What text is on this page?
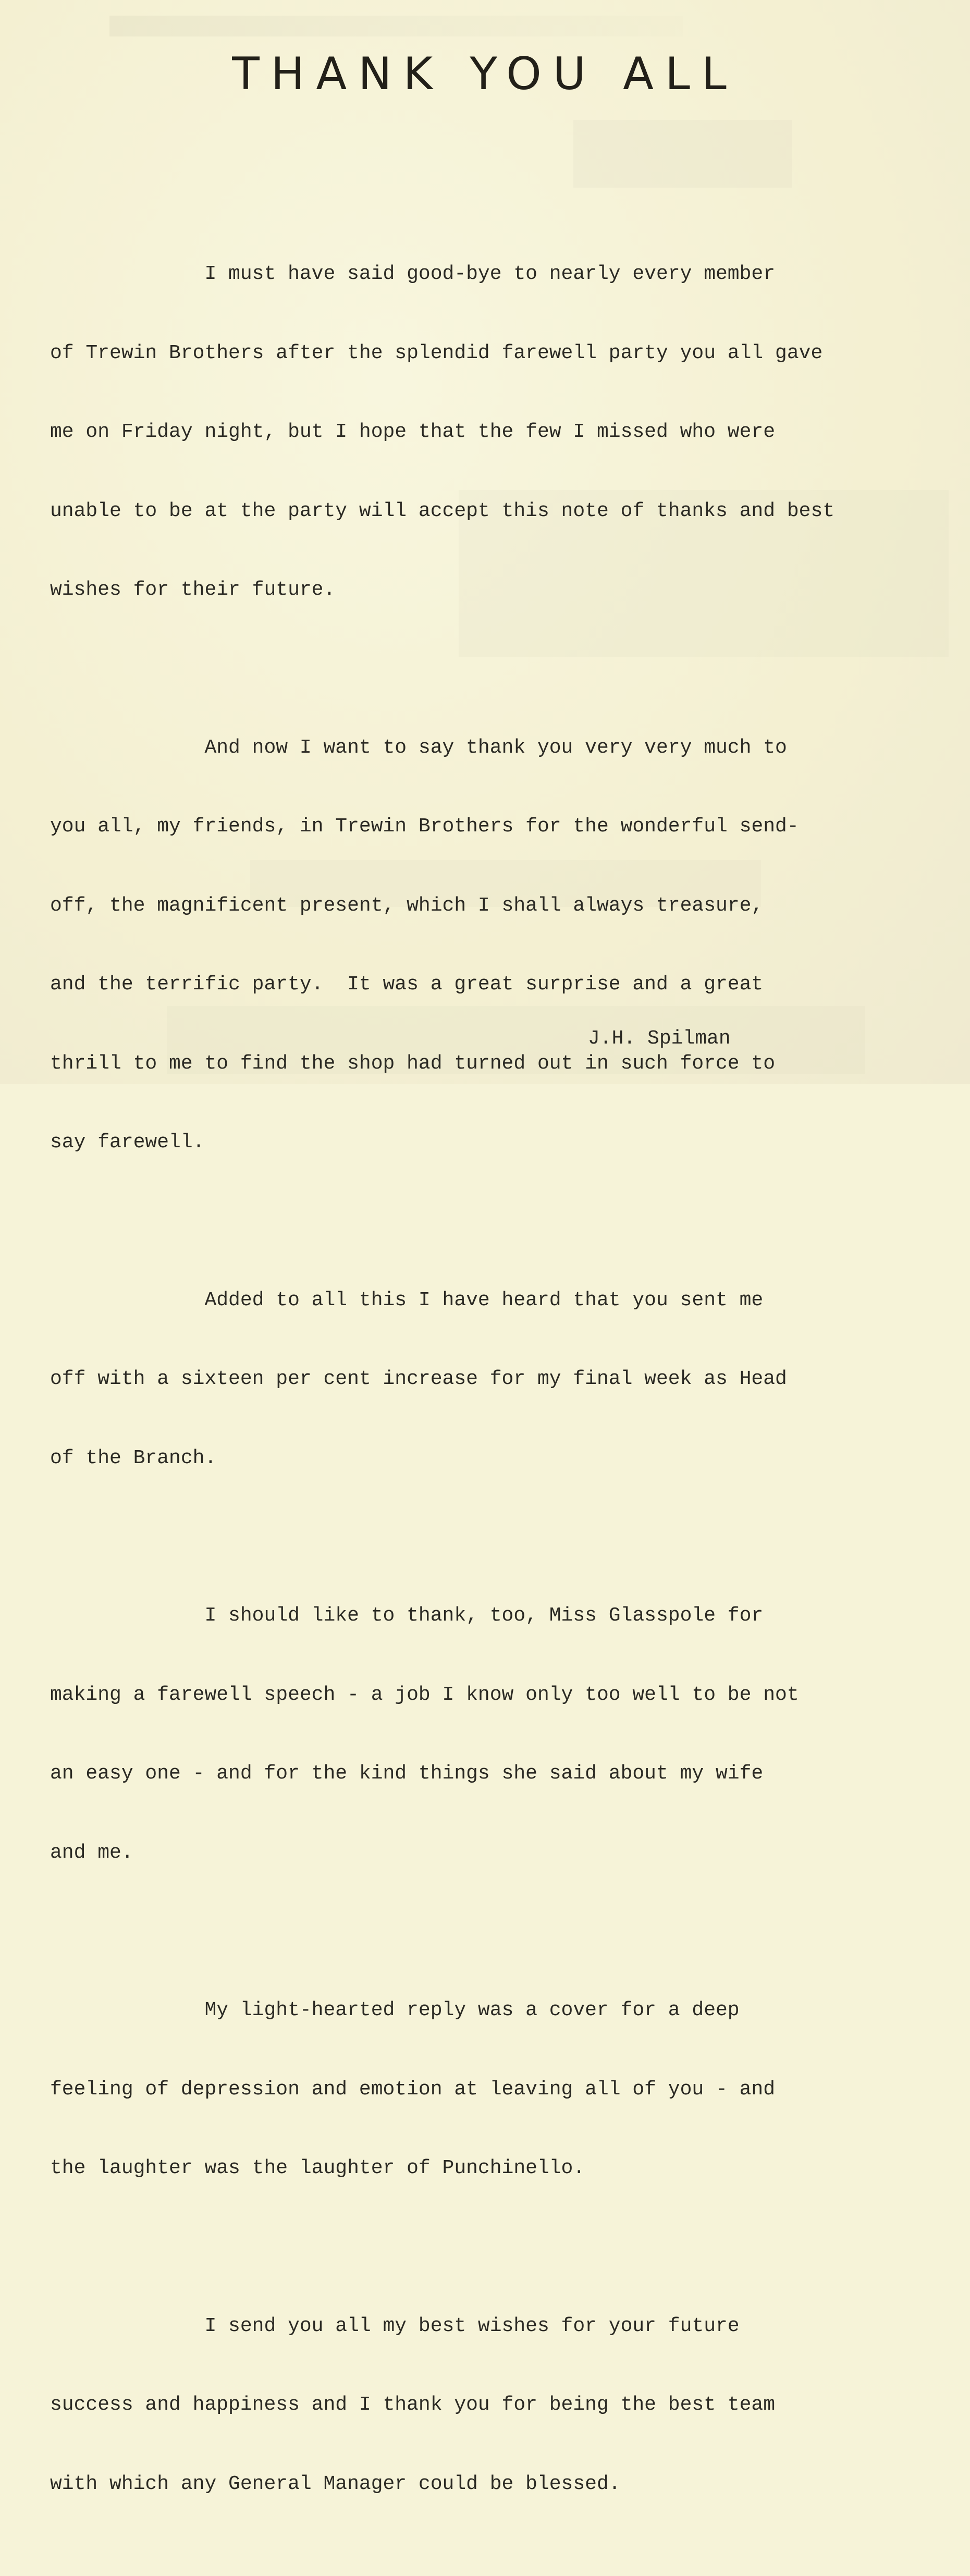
THANK YOU ALL

I must have said good-bye to nearly every member

of Trewin Brothers after the splendid farewell party you all gave

me on Friday night, but I hope that the few I missed who were

unable to be at the party will accept this note of thanks and best

wishes for their future.

And now I want to say thank you very very much to

you all, my friends, in Trewin Brothers for the wonderful send-

off, the magnificent present, which I shall always treasure,

and the terrific party.  It was a great surprise and a great

thrill to me to find the shop had turned out in such force to

say farewell.

Added to all this I have heard that you sent me

off with a sixteen per cent increase for my final week as Head

of the Branch.

I should like to thank, too, Miss Glasspole for

making a farewell speech - a job I know only too well to be not

an easy one - and for the kind things she said about my wife

and me.

My light-hearted reply was a cover for a deep

feeling of depression and emotion at leaving all of you - and

the laughter was the laughter of Punchinello.

I send you all my best wishes for your future

success and happiness and I thank you for being the best team

with which any General Manager could be blessed.

J.H. Spilman
